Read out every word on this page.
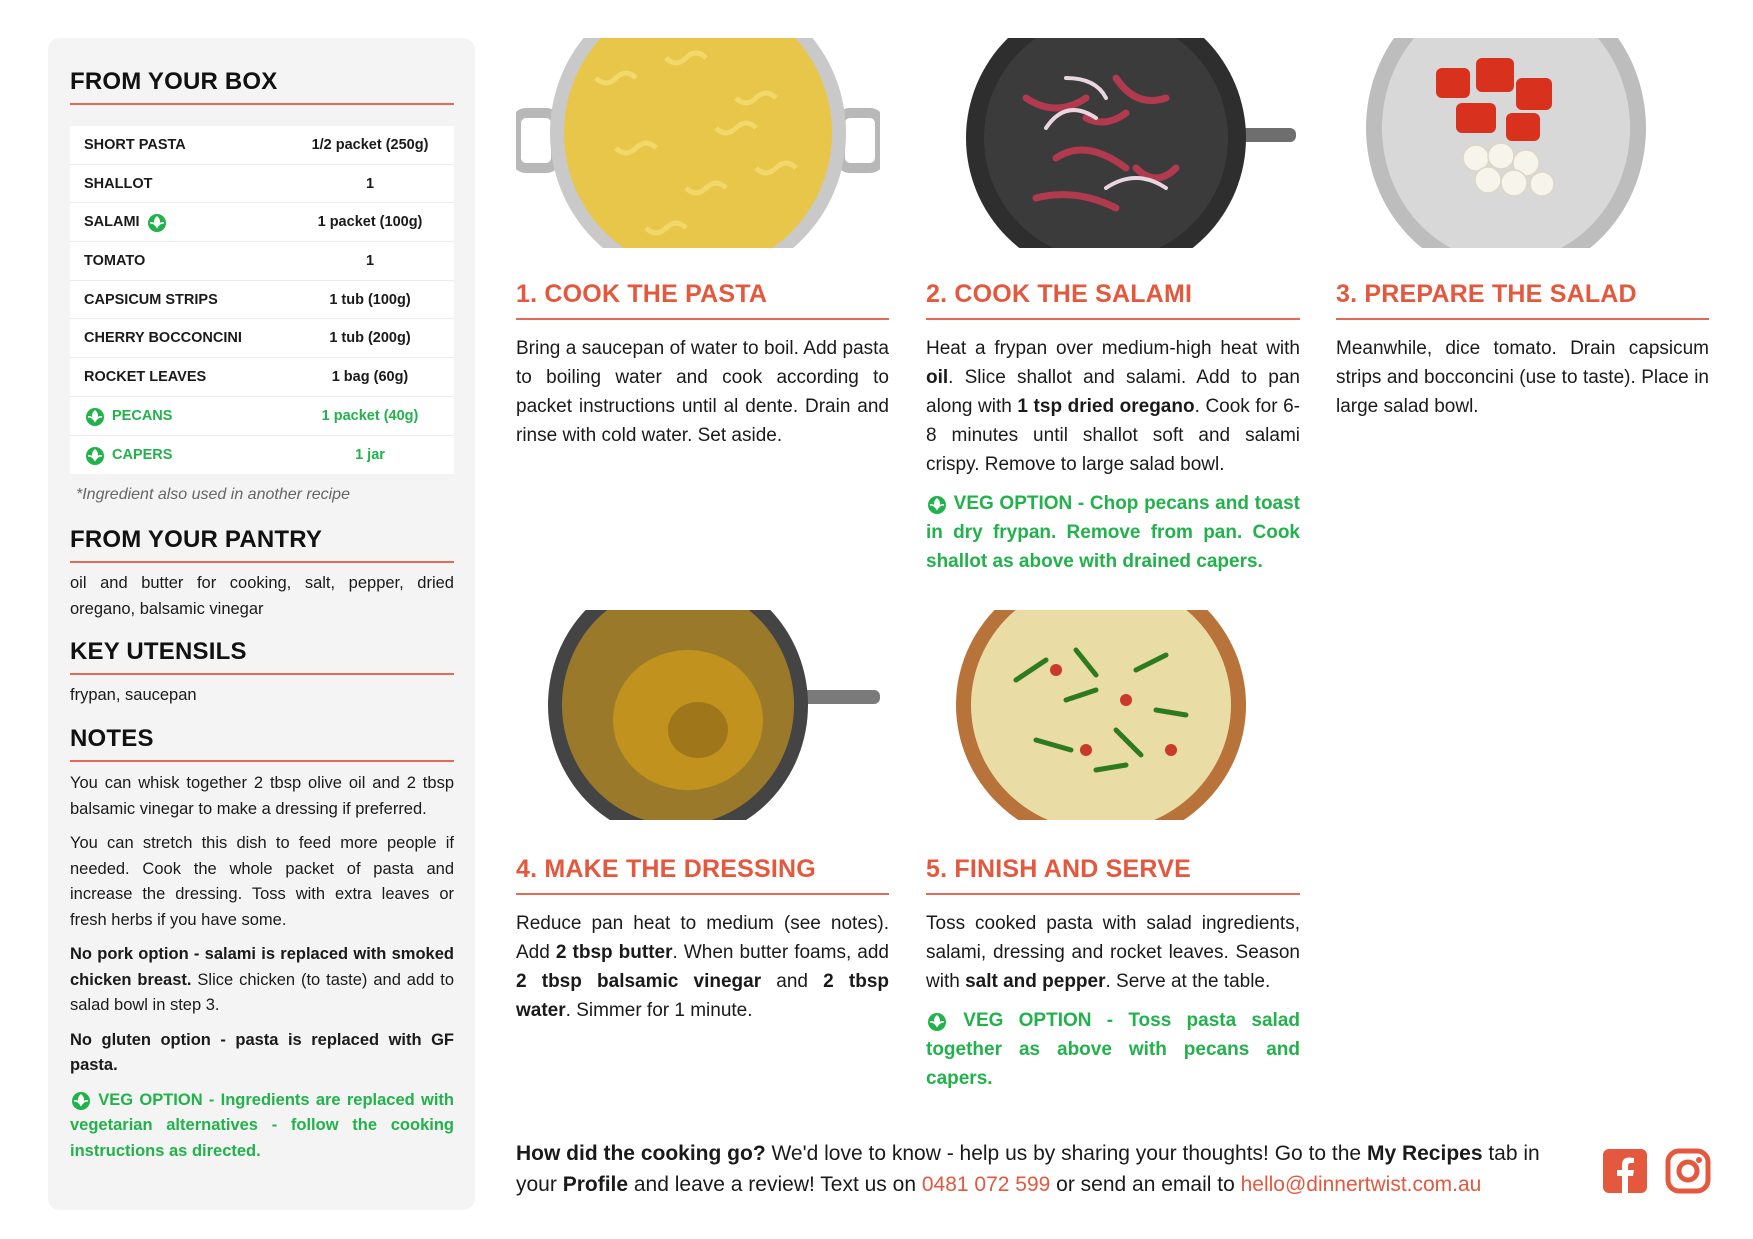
FROM YOUR BOX
SHORT PASTA	1/2 packet (250g)
SHALLOT	1
SALAMI	1 packet (100g)
TOMATO	1
CAPSICUM STRIPS	1 tub (100g)
CHERRY BOCCONCINI	1 tub (200g)
ROCKET LEAVES	1 bag (60g)
PECANS	1 packet (40g)
CAPERS	1 jar
*Ingredient also used in another recipe
FROM YOUR PANTRY
oil and butter for cooking, salt, pepper, dried oregano, balsamic vinegar
KEY UTENSILS
frypan, saucepan
NOTES

You can whisk together 2 tbsp olive oil and 2 tbsp balsamic vinegar to make a dressing if preferred.

You can stretch this dish to feed more people if needed. Cook the whole packet of pasta and increase the dressing. Toss with extra leaves or fresh herbs if you have some.

No pork option - salami is replaced with smoked chicken breast. Slice chicken (to taste) and add to salad bowl in step 3.

No gluten option - pasta is replaced with GF pasta.

VEG OPTION - Ingredients are replaced with vegetarian alternatives - follow the cooking instructions as directed.

1. COOK THE PASTA
Bring a saucepan of water to boil. Add pasta to boiling water and cook according to packet instructions until al dente. Drain and rinse with cold water. Set aside.
2. COOK THE SALAMI

Heat a frypan over medium-high heat with oil. Slice shallot and salami. Add to pan along with 1 tsp dried oregano. Cook for 6-8 minutes until shallot soft and salami crispy. Remove to large salad bowl.

VEG OPTION - Chop pecans and toast in dry frypan. Remove from pan. Cook shallot as above with drained capers.

3. PREPARE THE SALAD
Meanwhile, dice tomato. Drain capsicum strips and bocconcini (use to taste). Place in large salad bowl.
4. MAKE THE DRESSING
Reduce pan heat to medium (see notes). Add 2 tbsp butter. When butter foams, add 2 tbsp balsamic vinegar and 2 tbsp water. Simmer for 1 minute.
5. FINISH AND SERVE

Toss cooked pasta with salad ingredients, salami, dressing and rocket leaves. Season with salt and pepper. Serve at the table.

VEG OPTION - Toss pasta salad together as above with pecans and capers.

How did the cooking go? We'd love to know - help us by sharing your thoughts! Go to the My Recipes tab in your Profile and leave a review! Text us on 0481 072 599 or send an email to hello@dinnertwist.com.au
